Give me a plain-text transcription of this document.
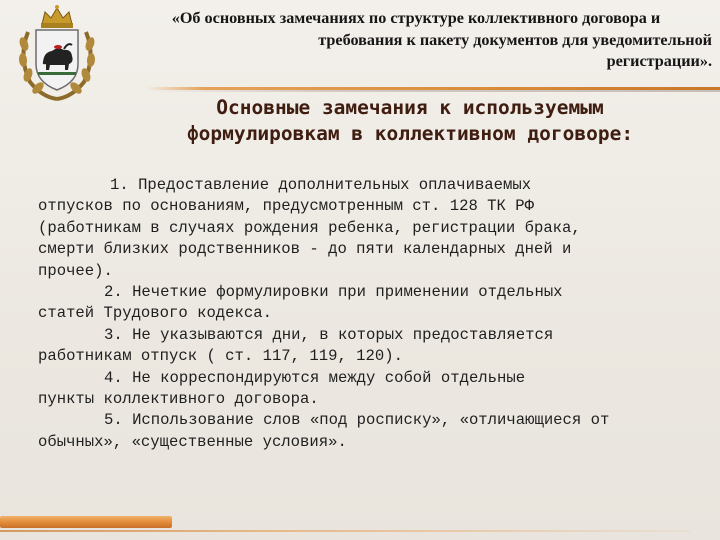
«Об основных замечаниях по структуре коллективного договора и
требования к пакету документов для уведомительной
регистрации».
Основные замечания к используемым
формулировкам в коллективном договоре:
1. Предоставление дополнительных оплачиваемых
отпусков по основаниям, предусмотренным ст. 128 ТК РФ
(работникам в случаях рождения ребенка, регистрации брака,
смерти близких родственников - до пяти календарных дней и
прочее).
2. Нечеткие формулировки при применении отдельных
статей Трудового кодекса.
3. Не указываются дни, в которых предоставляется
работникам отпуск ( ст. 117, 119, 120).
4. Не корреспондируются между собой отдельные
пункты коллективного договора.
5. Использование слов «под роспиcку», «отличающиеся от
обычных», «существенные условия».
